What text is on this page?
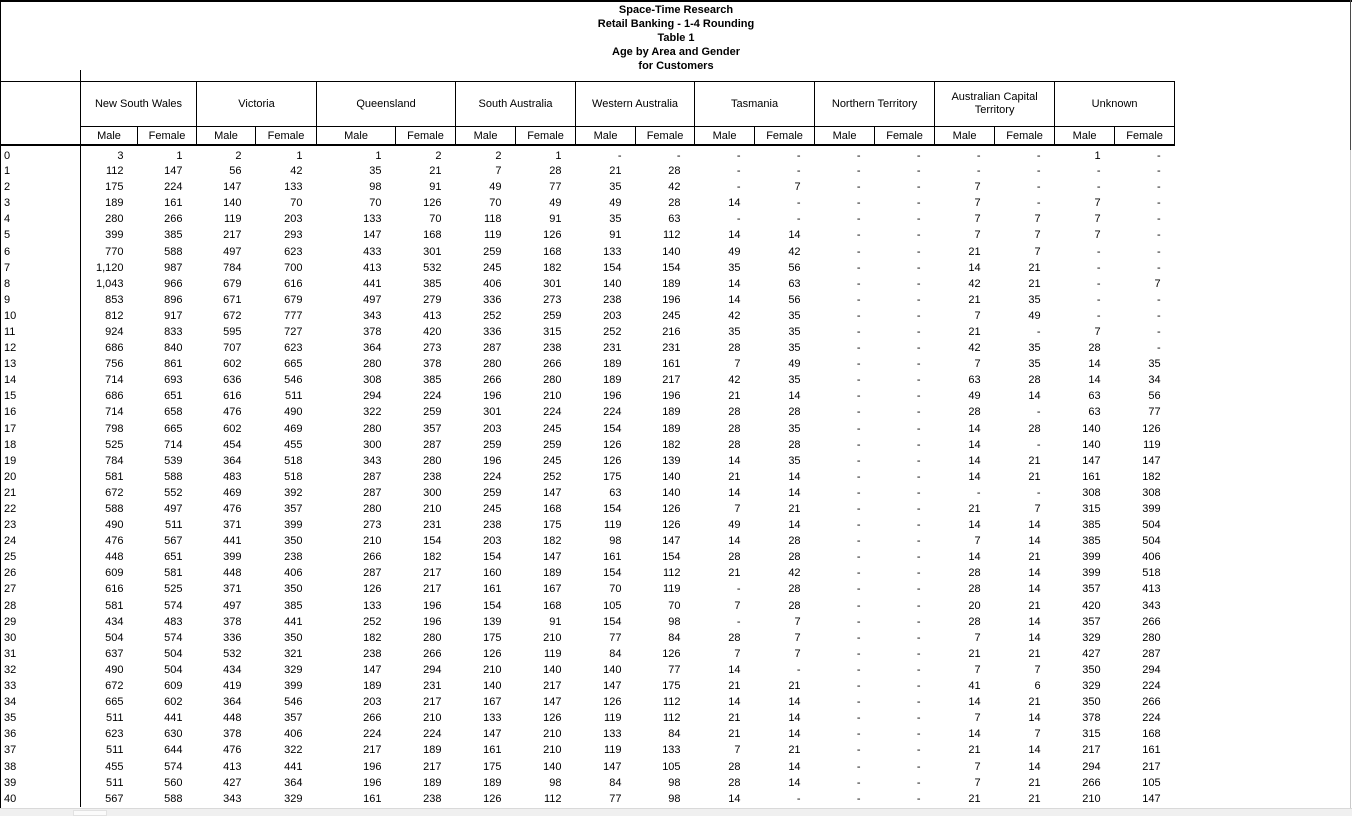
Space-Time Research
Retail Banking - 1-4 Rounding
Table 1
Age by Area and Gender
for Customers
	New South Wales		Victoria		Queensland		South Australia		Western Australia		Tasmania		Northern Territory		Australian Capital Territory		Unknown	
	Male	Female	Male	Female	Male	Female	Male	Female	Male	Female	Male	Female	Male	Female	Male	Female	Male	Female
0	3	1	2	1	1	2	2	1	-	-	-	-	-	-	-	-	1	-
1	112	147	56	42	35	21	7	28	21	28	-	-	-	-	-	-	-	-
2	175	224	147	133	98	91	49	77	35	42	-	7	-	-	7	-	-	-
3	189	161	140	70	70	126	70	49	49	28	14	-	-	-	7	-	7	-
4	280	266	119	203	133	70	118	91	35	63	-	-	-	-	7	7	7	-
5	399	385	217	293	147	168	119	126	91	112	14	14	-	-	7	7	7	-
6	770	588	497	623	433	301	259	168	133	140	49	42	-	-	21	7	-	-
7	1,120	987	784	700	413	532	245	182	154	154	35	56	-	-	14	21	-	-
8	1,043	966	679	616	441	385	406	301	140	189	14	63	-	-	42	21	-	7
9	853	896	671	679	497	279	336	273	238	196	14	56	-	-	21	35	-	-
10	812	917	672	777	343	413	252	259	203	245	42	35	-	-	7	49	-	-
11	924	833	595	727	378	420	336	315	252	216	35	35	-	-	21	-	7	-
12	686	840	707	623	364	273	287	238	231	231	28	35	-	-	42	35	28	-
13	756	861	602	665	280	378	280	266	189	161	7	49	-	-	7	35	14	35
14	714	693	636	546	308	385	266	280	189	217	42	35	-	-	63	28	14	34
15	686	651	616	511	294	224	196	210	196	196	21	14	-	-	49	14	63	56
16	714	658	476	490	322	259	301	224	224	189	28	28	-	-	28	-	63	77
17	798	665	602	469	280	357	203	245	154	189	28	35	-	-	14	28	140	126
18	525	714	454	455	300	287	259	259	126	182	28	28	-	-	14	-	140	119
19	784	539	364	518	343	280	196	245	126	139	14	35	-	-	14	21	147	147
20	581	588	483	518	287	238	224	252	175	140	21	14	-	-	14	21	161	182
21	672	552	469	392	287	300	259	147	63	140	14	14	-	-	-	-	308	308
22	588	497	476	357	280	210	245	168	154	126	7	21	-	-	21	7	315	399
23	490	511	371	399	273	231	238	175	119	126	49	14	-	-	14	14	385	504
24	476	567	441	350	210	154	203	182	98	147	14	28	-	-	7	14	385	504
25	448	651	399	238	266	182	154	147	161	154	28	28	-	-	14	21	399	406
26	609	581	448	406	287	217	160	189	154	112	21	42	-	-	28	14	399	518
27	616	525	371	350	126	217	161	167	70	119	-	28	-	-	28	14	357	413
28	581	574	497	385	133	196	154	168	105	70	7	28	-	-	20	21	420	343
29	434	483	378	441	252	196	139	91	154	98	-	7	-	-	28	14	357	266
30	504	574	336	350	182	280	175	210	77	84	28	7	-	-	7	14	329	280
31	637	504	532	321	238	266	126	119	84	126	7	7	-	-	21	21	427	287
32	490	504	434	329	147	294	210	140	140	77	14	-	-	-	7	7	350	294
33	672	609	419	399	189	231	140	217	147	175	21	21	-	-	41	6	329	224
34	665	602	364	546	203	217	167	147	126	112	14	14	-	-	14	21	350	266
35	511	441	448	357	266	210	133	126	119	112	21	14	-	-	7	14	378	224
36	623	630	378	406	224	224	147	210	133	84	21	14	-	-	14	7	315	168
37	511	644	476	322	217	189	161	210	119	133	7	21	-	-	21	14	217	161
38	455	574	413	441	196	217	175	140	147	105	28	14	-	-	7	14	294	217
39	511	560	427	364	196	189	189	98	84	98	28	14	-	-	7	21	266	105
40	567	588	343	329	161	238	126	112	77	98	14	-	-	-	21	21	210	147
